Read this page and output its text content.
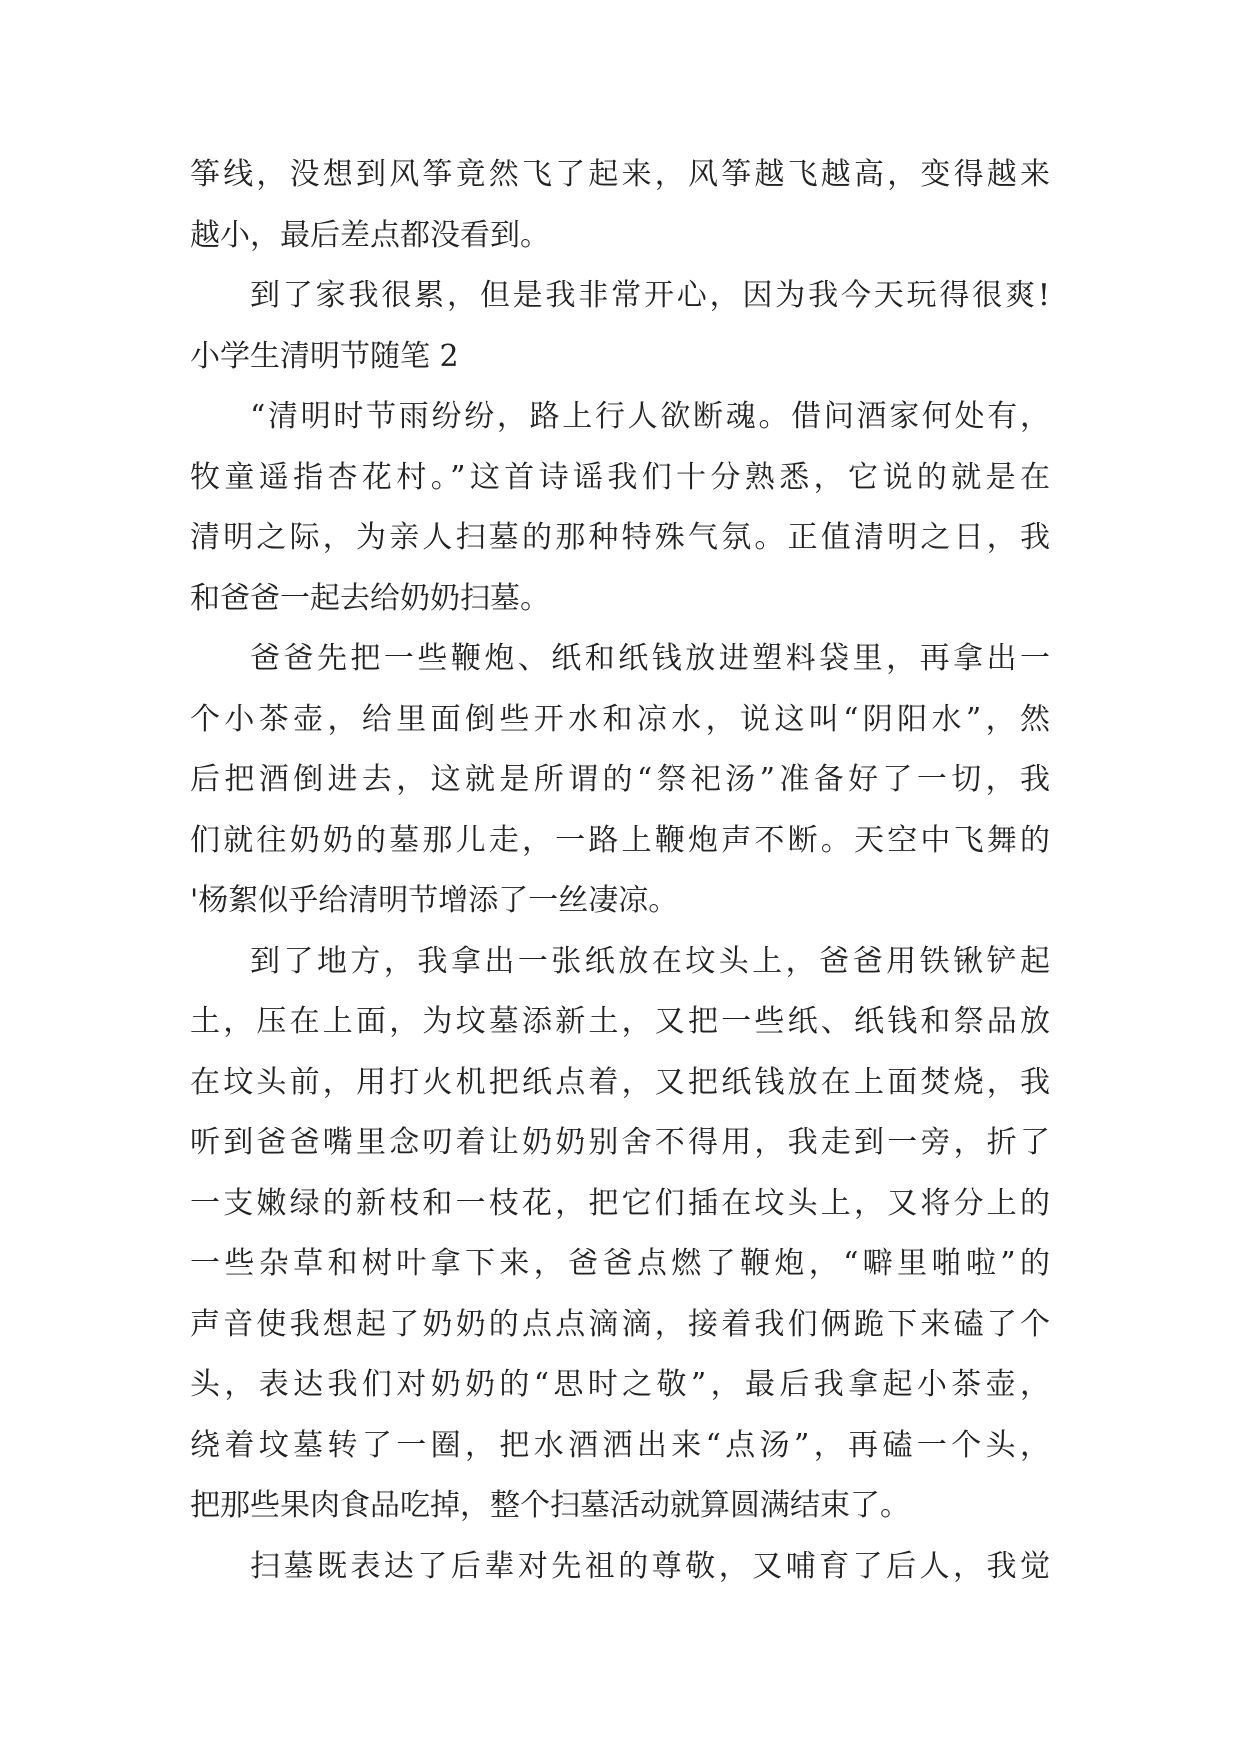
筝线，没想到风筝竟然飞了起来，风筝越飞越高，变得越来
越小，最后差点都没看到。
到了家我很累，但是我非常开心，因为我今天玩得很爽!
小学生清明节随笔 2
“清明时节雨纷纷，路上行人欲断魂。借问酒家何处有，
牧童遥指杏花村。”这首诗谣我们十分熟悉，它说的就是在
清明之际，为亲人扫墓的那种特殊气氛。正值清明之日，我
和爸爸一起去给奶奶扫墓。
爸爸先把一些鞭炮、纸和纸钱放进塑料袋里，再拿出一
个小茶壶，给里面倒些开水和凉水，说这叫“阴阳水”，然
后把酒倒进去，这就是所谓的“祭祀汤”准备好了一切，我
们就往奶奶的墓那儿走，一路上鞭炮声不断。天空中飞舞的
'杨絮似乎给清明节增添了一丝凄凉。
到了地方，我拿出一张纸放在坟头上，爸爸用铁锹铲起
土，压在上面，为坟墓添新土，又把一些纸、纸钱和祭品放
在坟头前，用打火机把纸点着，又把纸钱放在上面焚烧，我
听到爸爸嘴里念叨着让奶奶别舍不得用，我走到一旁，折了
一支嫩绿的新枝和一枝花，把它们插在坟头上，又将分上的
一些杂草和树叶拿下来，爸爸点燃了鞭炮，“噼里啪啦”的
声音使我想起了奶奶的点点滴滴，接着我们俩跪下来磕了个
头，表达我们对奶奶的“思时之敬”，最后我拿起小茶壶，
绕着坟墓转了一圈，把水酒洒出来“点汤”，再磕一个头，
把那些果肉食品吃掉，整个扫墓活动就算圆满结束了。
扫墓既表达了后辈对先祖的尊敬，又哺育了后人，我觉
